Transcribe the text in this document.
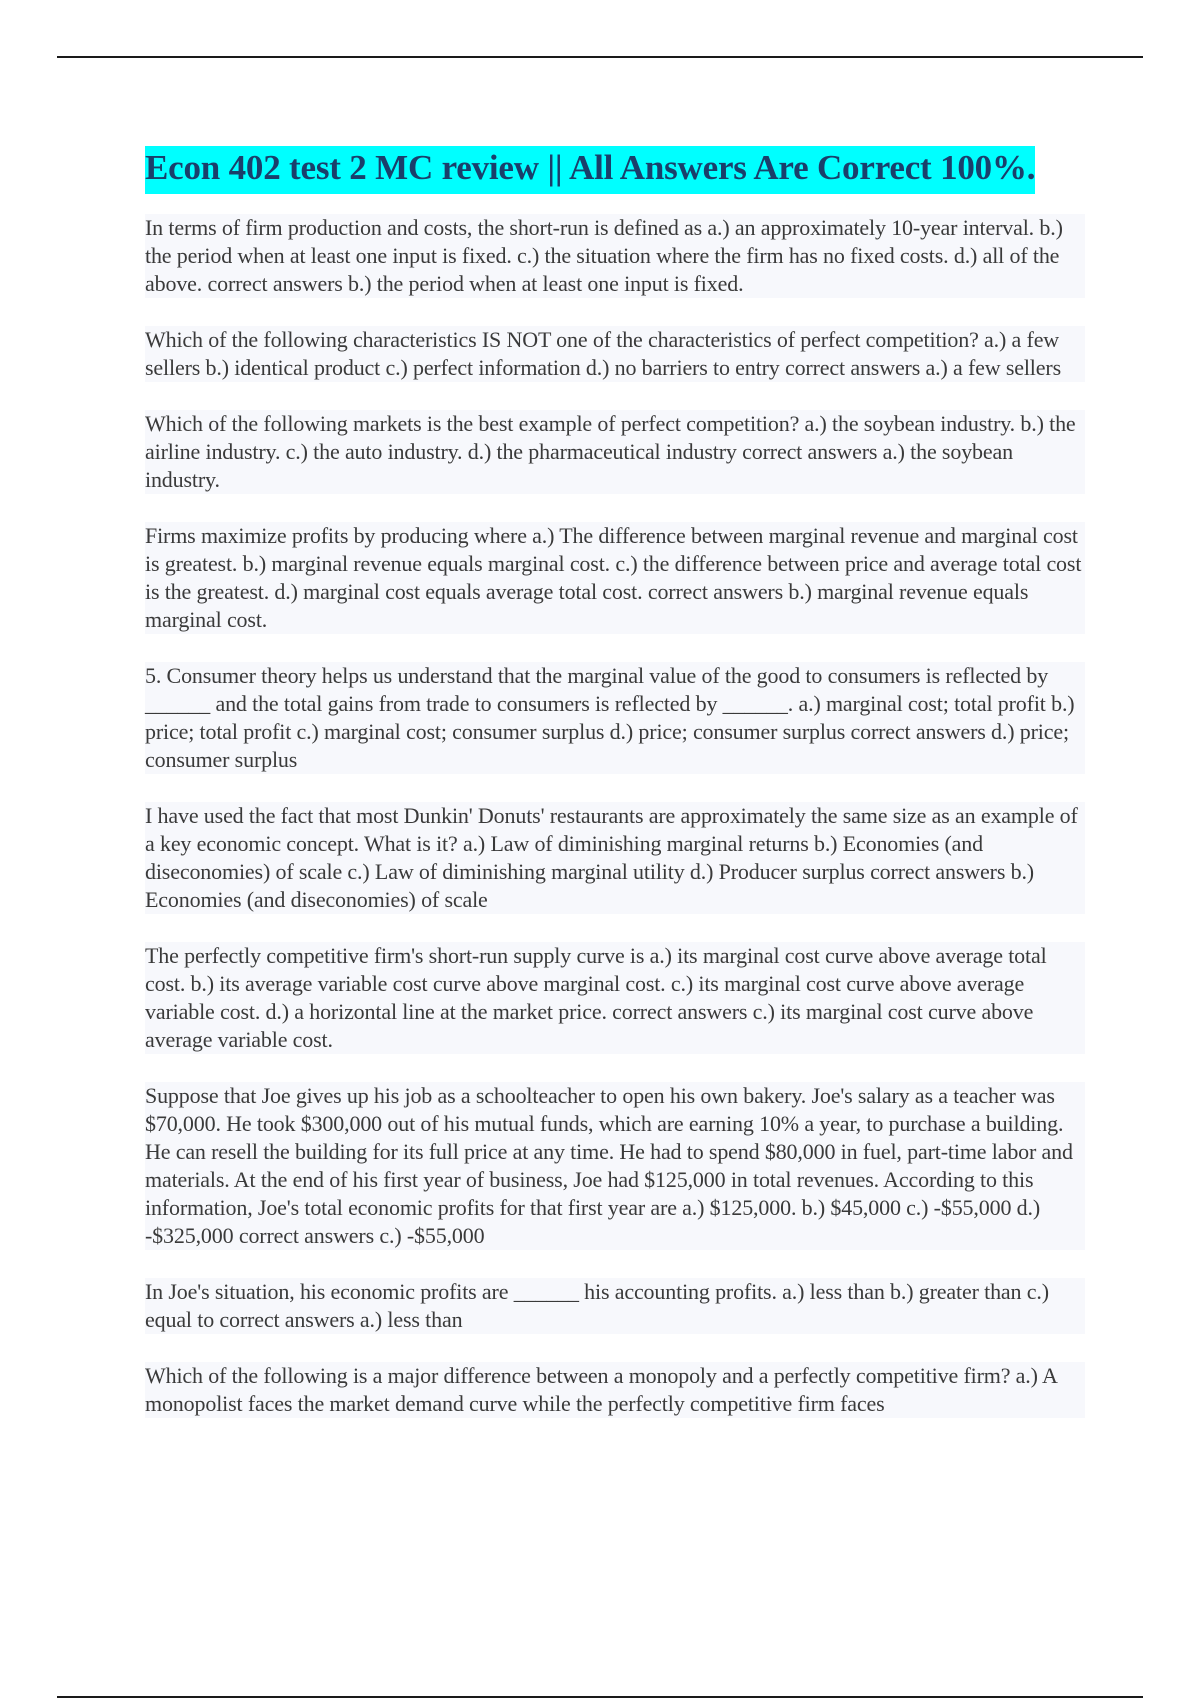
Econ 402 test 2 MC review || All Answers Are Correct 100%.

In terms of firm production and costs, the short-run is defined as a.) an approximately 10-year interval. b.) the period when at least one input is fixed. c.) the situation where the firm has no fixed costs. d.) all of the above. correct answers b.) the period when at least one input is fixed.

Which of the following characteristics IS NOT one of the characteristics of perfect competition? a.) a few sellers b.) identical product c.) perfect information d.) no barriers to entry correct answers a.) a few sellers

Which of the following markets is the best example of perfect competition? a.) the soybean industry. b.) the airline industry. c.) the auto industry. d.) the pharmaceutical industry correct answers a.) the soybean industry.

Firms maximize profits by producing where a.) The difference between marginal revenue and marginal cost is greatest. b.) marginal revenue equals marginal cost. c.) the difference between price and average total cost is the greatest. d.) marginal cost equals average total cost. correct answers b.) marginal revenue equals marginal cost.

5. Consumer theory helps us understand that the marginal value of the good to consumers is reflected by ______ and the total gains from trade to consumers is reflected by ______. a.) marginal cost; total profit b.) price; total profit c.) marginal cost; consumer surplus d.) price; consumer surplus correct answers d.) price; consumer surplus

I have used the fact that most Dunkin' Donuts' restaurants are approximately the same size as an example of a key economic concept. What is it? a.) Law of diminishing marginal returns b.) Economies (and diseconomies) of scale c.) Law of diminishing marginal utility d.) Producer surplus correct answers b.) Economies (and diseconomies) of scale

The perfectly competitive firm's short-run supply curve is a.) its marginal cost curve above average total cost. b.) its average variable cost curve above marginal cost. c.) its marginal cost curve above average variable cost. d.) a horizontal line at the market price. correct answers c.) its marginal cost curve above average variable cost.

Suppose that Joe gives up his job as a schoolteacher to open his own bakery. Joe's salary as a teacher was $70,000. He took $300,000 out of his mutual funds, which are earning 10% a year, to purchase a building. He can resell the building for its full price at any time. He had to spend $80,000 in fuel, part-time labor and materials. At the end of his first year of business, Joe had $125,000 in total revenues. According to this information, Joe's total economic profits for that first year are a.) $125,000. b.) $45,000 c.) -$55,000 d.) -$325,000 correct answers c.) -$55,000

In Joe's situation, his economic profits are ______ his accounting profits. a.) less than b.) greater than c.) equal to correct answers a.) less than

Which of the following is a major difference between a monopoly and a perfectly competitive firm? a.) A monopolist faces the market demand curve while the perfectly competitive firm faces
